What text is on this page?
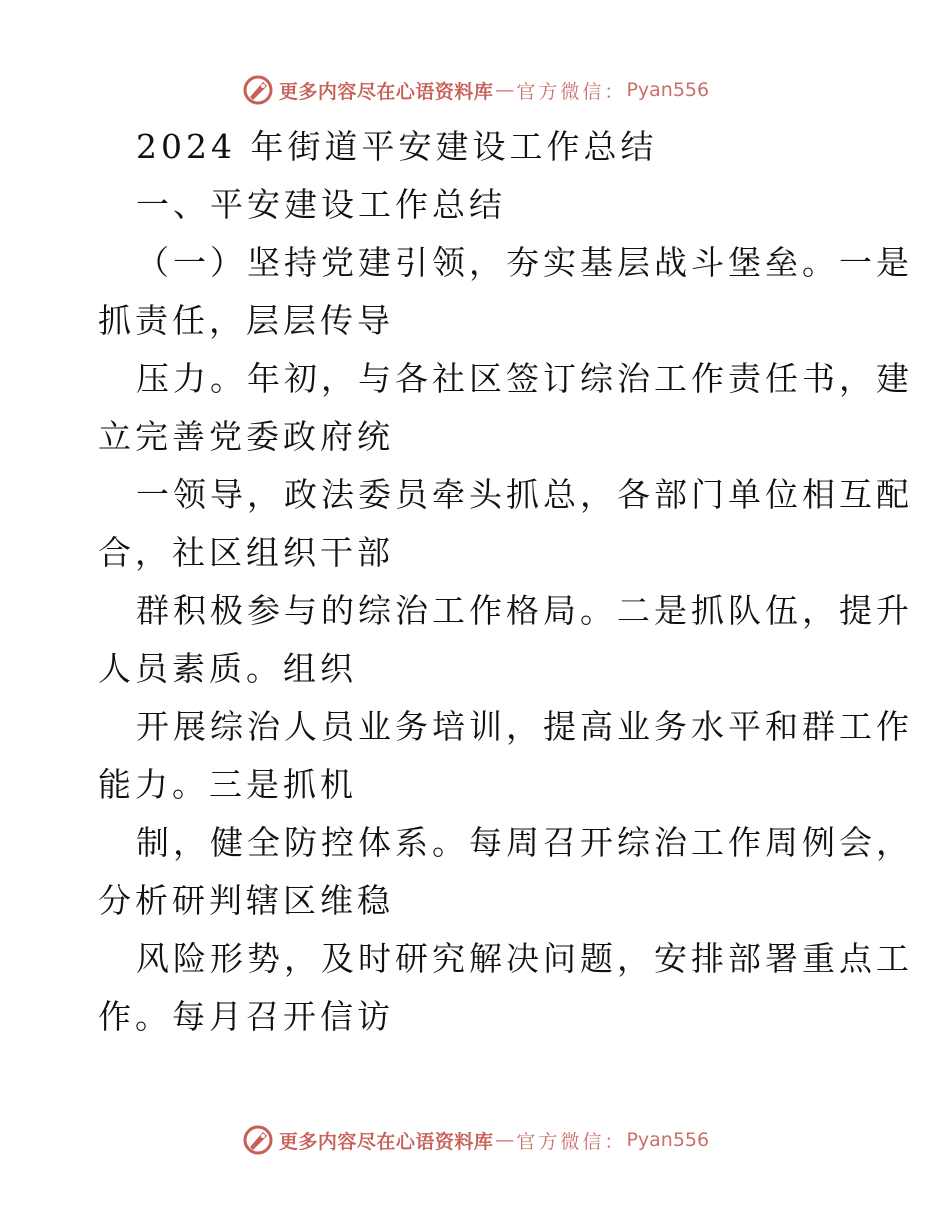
更多内容尽在心语资料库 — 官方微信： Pyan556
2024 年街道平安建设工作总结
一、平安建设工作总结
（一）坚持党建引领，夯实基层战斗堡垒。一是
抓责任，层层传导
压力。年初，与各社区签订综治工作责任书，建
立完善党委政府统
一领导，政法委员牵头抓总，各部门单位相互配
合，社区组织干部
群积极参与的综治工作格局。二是抓队伍，提升
人员素质。组织
开展综治人员业务培训，提高业务水平和群工作
能力。三是抓机
制，健全防控体系。每周召开综治工作周例会，
分析研判辖区维稳
风险形势，及时研究解决问题，安排部署重点工
作。每月召开信访
更多内容尽在心语资料库 — 官方微信： Pyan556
